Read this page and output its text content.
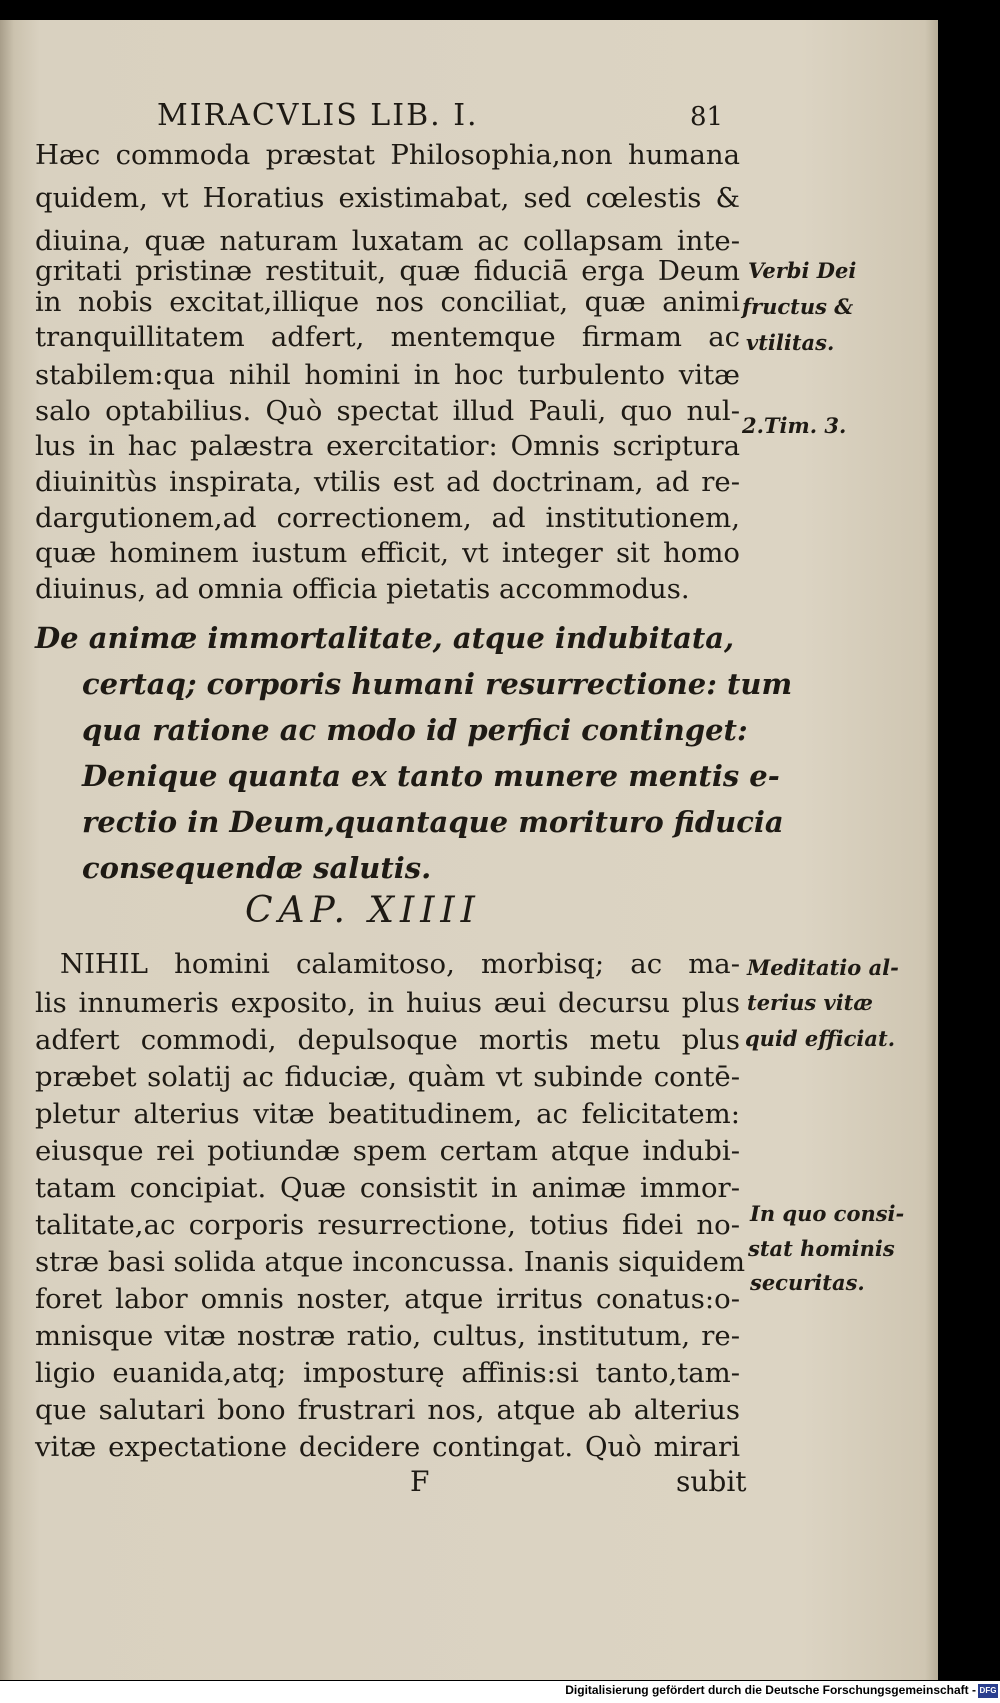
MIRACVLIS LIB. I.	81
Hæc commoda præstat Philosophia,non humana
quidem, vt Horatius existimabat, sed cœlestis &
diuina, quæ naturam luxatam ac collapsam inte-
gritati pristinæ restituit, quæ fiduciā erga Deum
in nobis excitat,illique nos conciliat, quæ animi
tranquillitatem adfert, mentemque firmam ac
stabilem:qua nihil homini in hoc turbulento vitæ
salo optabilius. Quò spectat illud Pauli, quo nul-
lus in hac palæstra exercitatior: Omnis scriptura
diuinitùs inspirata, vtilis est ad doctrinam, ad re-
dargutionem,ad correctionem, ad institutionem,
quæ hominem iustum efficit, vt integer sit homo
diuinus, ad omnia officia pietatis accommodus.
De animæ immortalitate, atque indubitata,
certaq; corporis humani resurrectione: tum
qua ratione ac modo id perfici continget:
Denique quanta ex tanto munere mentis e-
rectio in Deum,quantaque morituro fiducia
consequendæ salutis.
CAP. XIIII
NIHIL homini calamitoso, morbisq; ac ma-
lis innumeris exposito, in huius æui decursu plus
adfert commodi, depulsoque mortis metu plus
præbet solatij ac fiduciæ, quàm vt subinde contē-
pletur alterius vitæ beatitudinem, ac felicitatem:
eiusque rei potiundæ spem certam atque indubi-
tatam concipiat. Quæ consistit in animæ immor-
talitate,ac corporis resurrectione, totius fidei no-
stræ basi solida atque inconcussa. Inanis siquidem
foret labor omnis noster, atque irritus conatus:o-
mnisque vitæ nostræ ratio, cultus, institutum, re-
ligio euanida,atq; imposturę affinis:si tanto,tam-
que salutari bono frustrari nos, atque ab alterius
vitæ expectatione decidere contingat. Quò mirari
F	subit
Verbi Dei
fructus &
vtilitas.
2.Tim. 3.
Meditatio al-
terius vitæ
quid efficiat.
In quo consi-
stat hominis
securitas.
Digitalisierung gefördert durch die Deutsche Forschungsgemeinschaft - DFG
